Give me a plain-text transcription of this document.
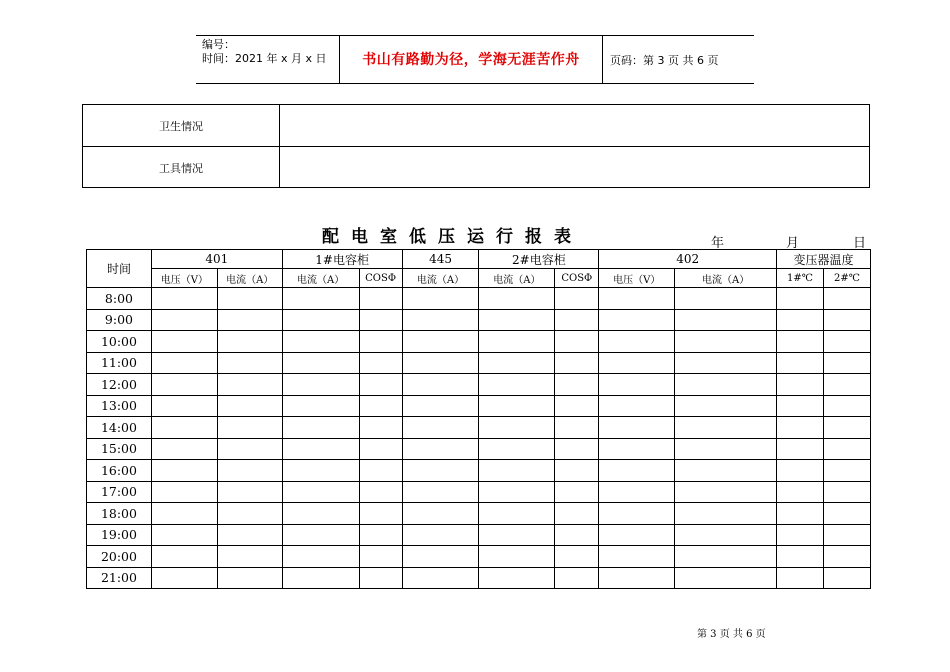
编号：
时间：2021 年 x 月 x 日	书山有路勤为径，学海无涯苦作舟	页码：第 3 页 共 6 页
卫生情况
工具情况
配电室低压运行报表	年	月	日
时间	401		1#电容柜		445	2#电容柜		402		变压器温度	
	电压（V）	电流（A）	电流（A）	COSΦ	电流（A）	电流（A）	COSΦ	电压（V）	电流（A）	1#℃	2#℃
8:00											
9:00											
10:00											
11:00											
12:00											
13:00											
14:00											
15:00											
16:00											
17:00											
18:00											
19:00											
20:00											
21:00											
第 3 页 共 6 页
